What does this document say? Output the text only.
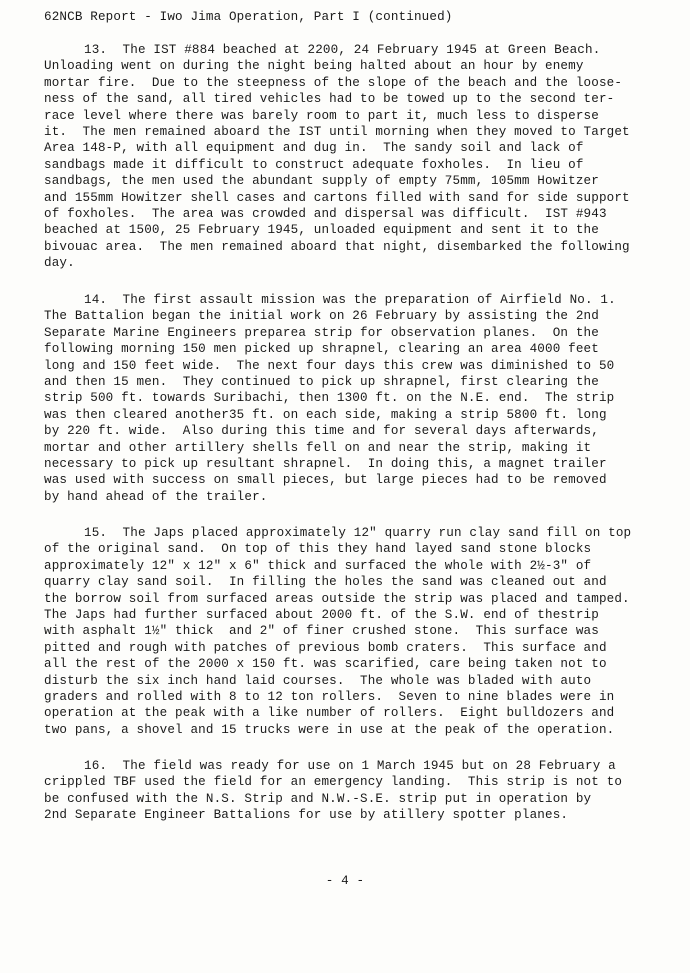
62NCB Report - Iwo Jima Operation, Part I (continued)
13.  The IST #884 beached at 2200, 24 February 1945 at Green Beach.
Unloading went on during the night being halted about an hour by enemy
mortar fire.  Due to the steepness of the slope of the beach and the loose-
ness of the sand, all tired vehicles had to be towed up to the second ter-
race level where there was barely room to part it, much less to disperse
it.  The men remained aboard the IST until morning when they moved to Target
Area 148-P, with all equipment and dug in.  The sandy soil and lack of
sandbags made it difficult to construct adequate foxholes.  In lieu of
sandbags, the men used the abundant supply of empty 75mm, 105mm Howitzer
and 155mm Howitzer shell cases and cartons filled with sand for side support
of foxholes.  The area was crowded and dispersal was difficult.  IST #943
beached at 1500, 25 February 1945, unloaded equipment and sent it to the
bivouac area.  The men remained aboard that night, disembarked the following
day.
14.  The first assault mission was the preparation of Airfield No. 1.
The Battalion began the initial work on 26 February by assisting the 2nd
Separate Marine Engineers preparea strip for observation planes.  On the
following morning 150 men picked up shrapnel, clearing an area 4000 feet
long and 150 feet wide.  The next four days this crew was diminished to 50
and then 15 men.  They continued to pick up shrapnel, first clearing the
strip 500 ft. towards Suribachi, then 1300 ft. on the N.E. end.  The strip
was then cleared another35 ft. on each side, making a strip 5800 ft. long
by 220 ft. wide.  Also during this time and for several days afterwards,
mortar and other artillery shells fell on and near the strip, making it
necessary to pick up resultant shrapnel.  In doing this, a magnet trailer
was used with success on small pieces, but large pieces had to be removed
by hand ahead of the trailer.
15.  The Japs placed approximately 12" quarry run clay sand fill on top
of the original sand.  On top of this they hand layed sand stone blocks
approximately 12" x 12" x 6" thick and surfaced the whole with 2½-3" of
quarry clay sand soil.  In filling the holes the sand was cleaned out and
the borrow soil from surfaced areas outside the strip was placed and tamped.
The Japs had further surfaced about 2000 ft. of the S.W. end of thestrip
with asphalt 1½" thick  and 2" of finer crushed stone.  This surface was
pitted and rough with patches of previous bomb craters.  This surface and
all the rest of the 2000 x 150 ft. was scarified, care being taken not to
disturb the six inch hand laid courses.  The whole was bladed with auto
graders and rolled with 8 to 12 ton rollers.  Seven to nine blades were in
operation at the peak with a like number of rollers.  Eight bulldozers and
two pans, a shovel and 15 trucks were in use at the peak of the operation.
16.  The field was ready for use on 1 March 1945 but on 28 February a
crippled TBF used the field for an emergency landing.  This strip is not to
be confused with the N.S. Strip and N.W.-S.E. strip put in operation by
2nd Separate Engineer Battalions for use by atillery spotter planes.
- 4 -
